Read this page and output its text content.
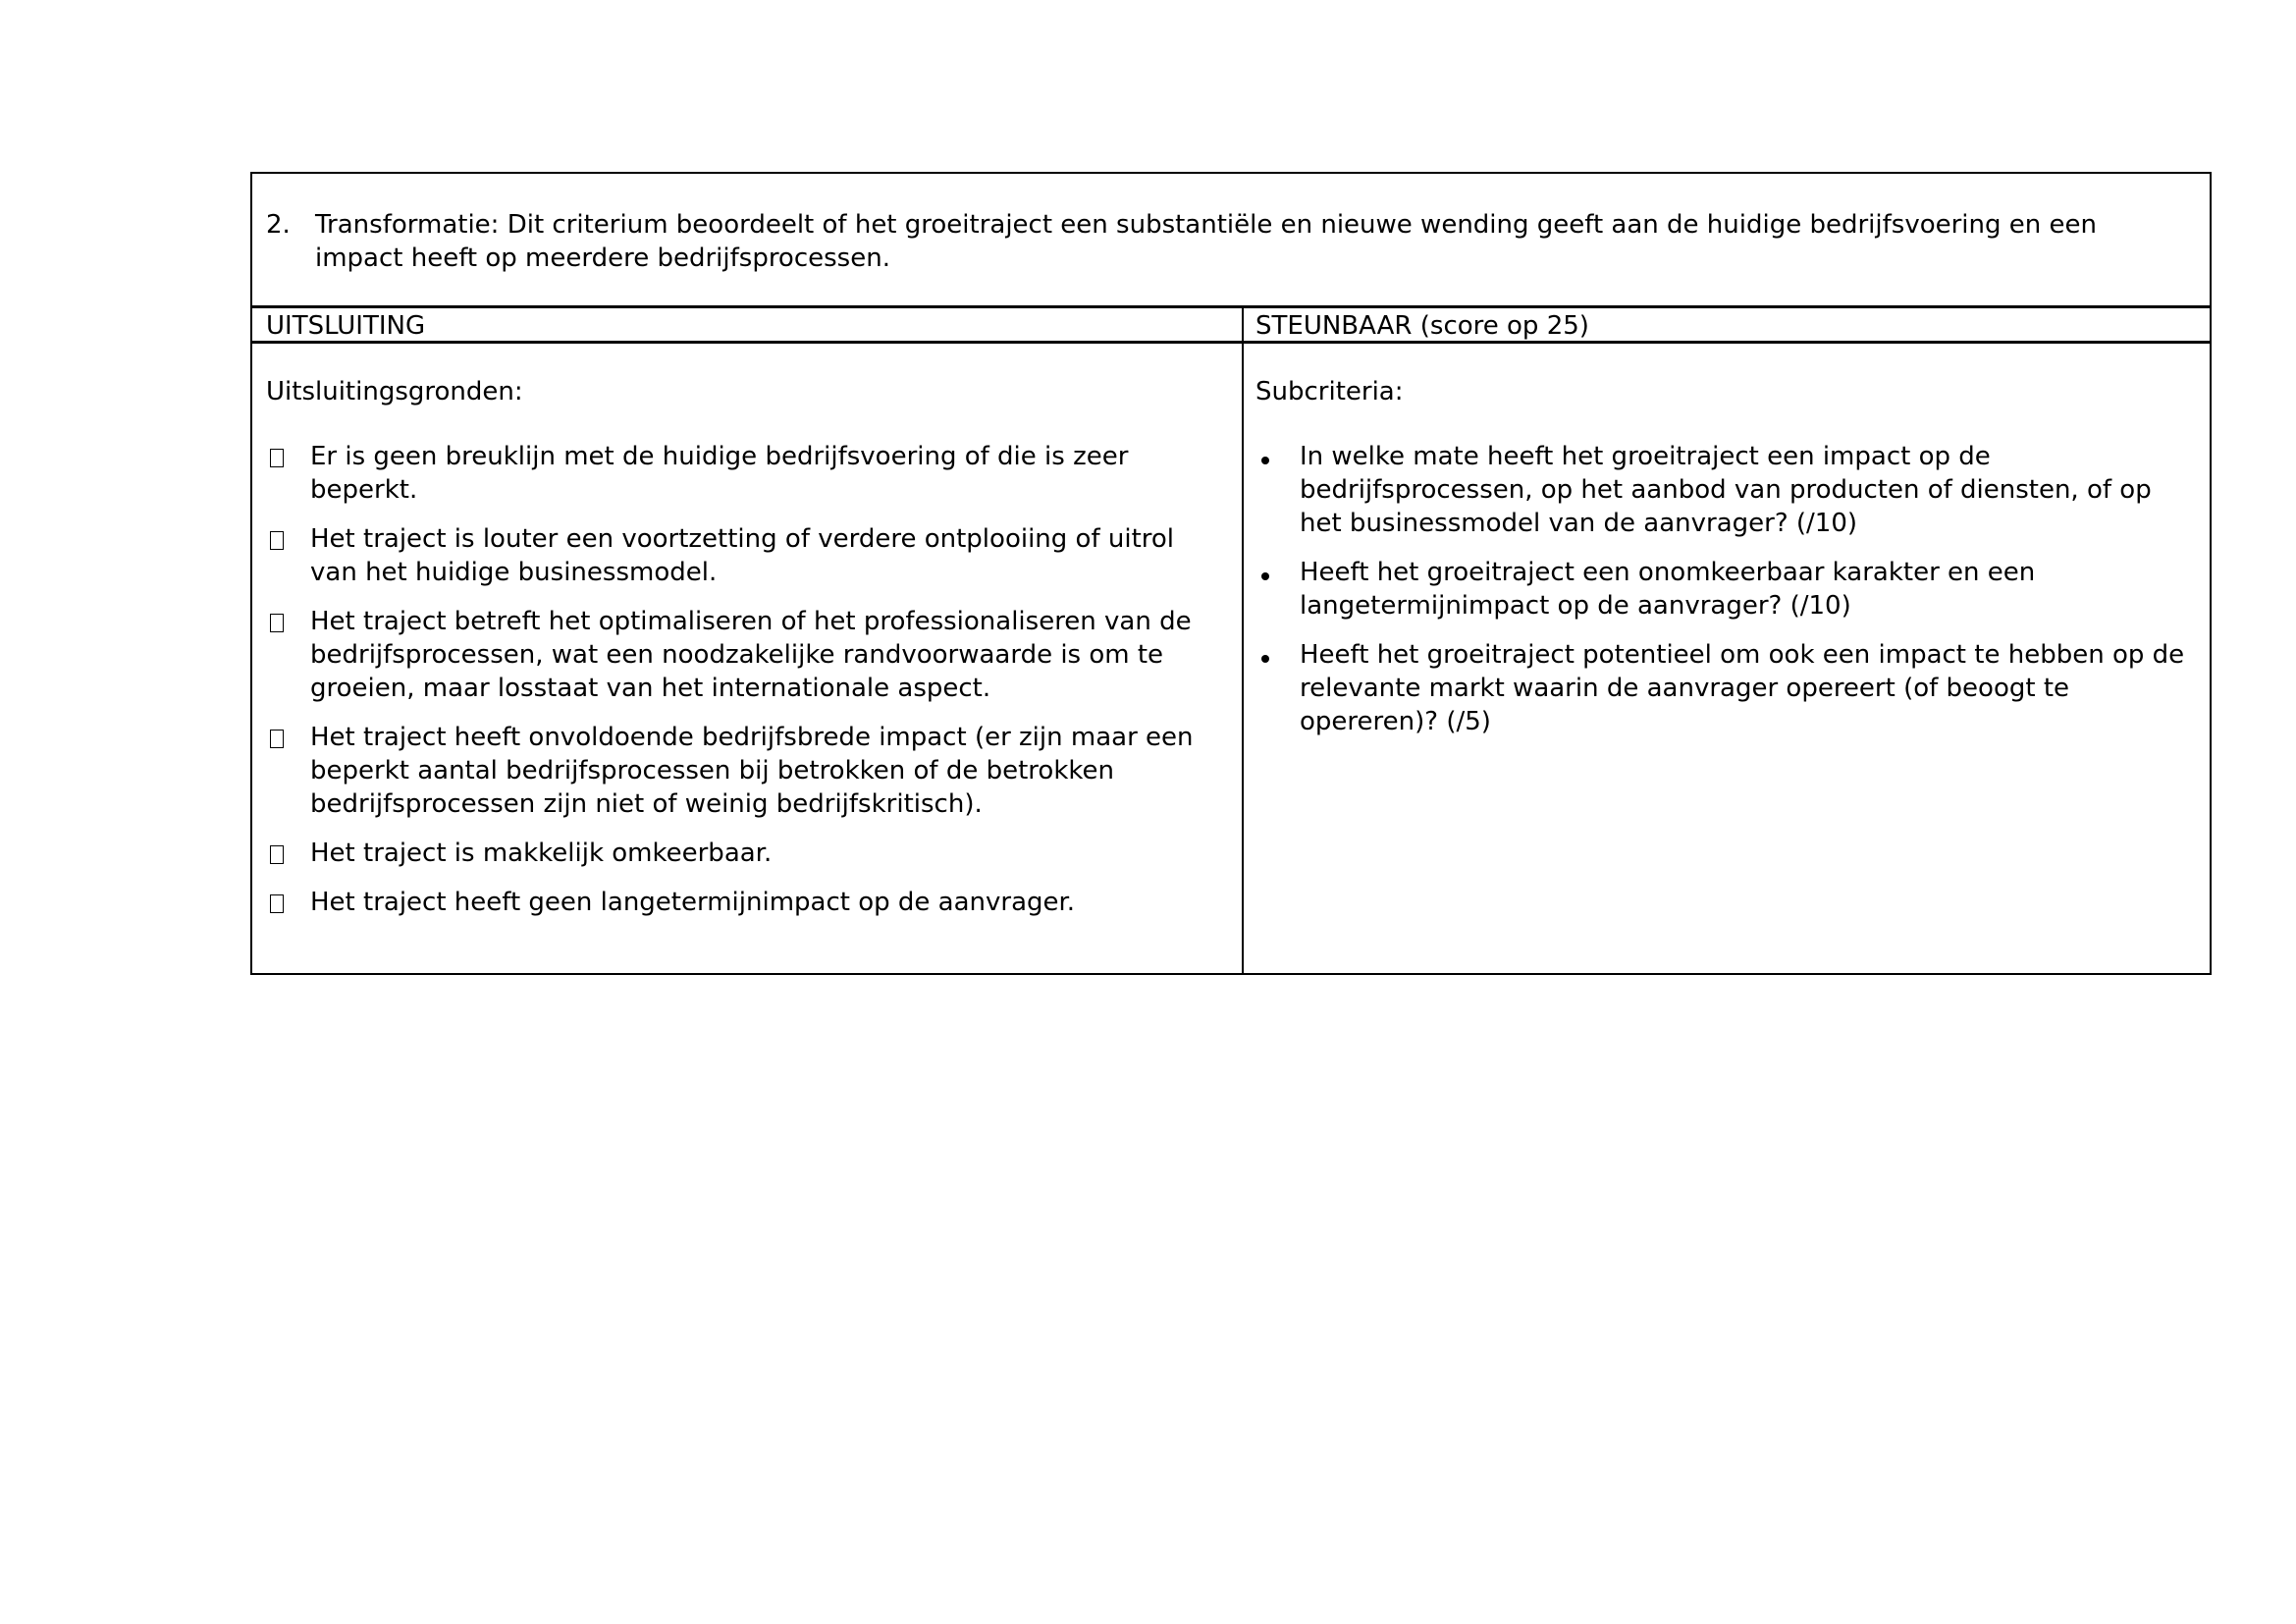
2. Transformatie: Dit criterium beoordeelt of het groeitraject een substantiële en nieuwe wending geeft aan de huidige bedrijfsvoering en een impact heeft op meerdere bedrijfsprocessen.
UITSLUITING	STEUNBAAR (score op 25)
Uitsluitingsgronden:
Er is geen breuklijn met de huidige bedrijfsvoering of die is zeer beperkt.
Het traject is louter een voortzetting of verdere ontplooiing of uitrol van het huidige businessmodel.
Het traject betreft het optimaliseren of het professionaliseren van de bedrijfsprocessen, wat een noodzakelijke randvoorwaarde is om te groeien, maar losstaat van het internationale aspect.
Het traject heeft onvoldoende bedrijfsbrede impact (er zijn maar een beperkt aantal bedrijfsprocessen bij betrokken of de betrokken bedrijfsprocessen zijn niet of weinig bedrijfskritisch).
Het traject is makkelijk omkeerbaar.
Het traject heeft geen langetermijnimpact op de aanvrager.
Subcriteria:
In welke mate heeft het groeitraject een impact op de bedrijfsprocessen, op het aanbod van producten of diensten, of op het businessmodel van de aanvrager? (/10)
Heeft het groeitraject een onomkeerbaar karakter en een langetermijnimpact op de aanvrager? (/10)
Heeft het groeitraject potentieel om ook een impact te hebben op de relevante markt waarin de aanvrager opereert (of beoogt te opereren)? (/5)
